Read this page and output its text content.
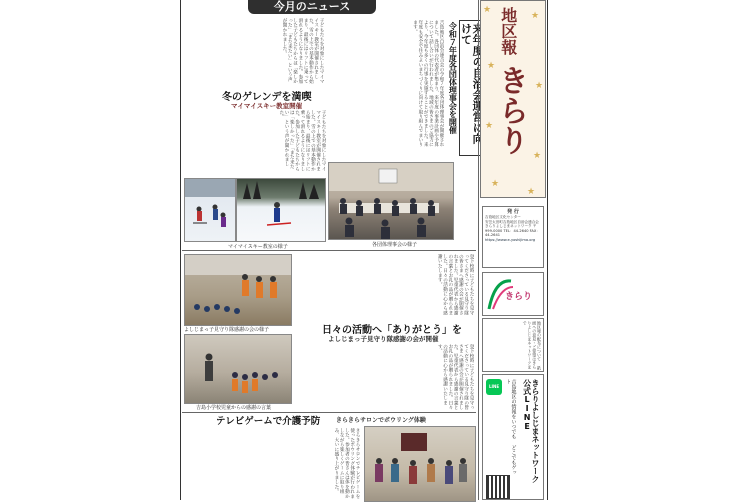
今月のニュース
けて
令和７年度各団体理事会を開催
吉島地区自治会連合会の令和７年度各団体理事会が開催されました。各団体の代表者が集まり、来年度の事業計画や予算について話し合いが行われました。地域の皆さまのご協力により、今年度も多くの行事を実施することができました。来年度も安全で住みよいまちづくりに向けて取り組んでまいります。
各団体理事会の様子
子どもたちを対象にしたマイマイスキー教室が開催されました。雪の上での基本動作から始まり、最後にはリフトに乗って滑れるようになりました。参加した子どもたちからは「楽しかった」「また来たい」という声が聞かれました。
冬のゲレンデを満喫
マイマイスキー教室開催
子どもたちを対象にしたマイマイスキー教室が開催されました。雪の上での基本動作から始まり、最後にはリフトに乗って滑れるようになりました。参加した子どもたちからは「楽しかった」「また来たい」という声が聞かれました。
マイマイスキー教室の様子
よしじまっ子見守り隊感謝の会の様子
吉島小学校児童からの感謝の言葉
登下校時に子どもたちを見守ってくださっている見守り隊の皆さまへ感謝の会が開催されました。児童代表から感謝の言葉とお礼の品が贈られました。日々の活動に心から感謝いたします。
日々の活動へ「ありがとう」を
よしじまっ子見守り隊感謝の会が開催
登下校時に子どもたちを見守ってくださっている見守り隊の皆さまへ感謝の会が開催されました。児童代表から感謝の言葉とお礼の品が贈られました。日々の活動に心から感謝いたします。
テレビゲームで介護予防	きらきらサロンでボウリング体験
きらきらサロンでテレビゲームを使ったボウリング体験が行われました。参加者の皆さんは体を動かしながら楽しくゲームに取り組み、大いに盛り上がりました。
★
★
★
★
★
★
★
★
地区報
きらり
発 行
吉島地区文化センター
安芸太田町吉島地区自治会連合会 きらりよしじまネットワーク 〒999-0000 TEL：44-2640 FAX：44-2641
https://www.e-yoshijima.org
きらり
地区報の配布について 紙面への意見・ご要望はきらりよしじまネットワークまで
LINE	きらりよしじまネットワーク 公式LINE
吉島地区の情報をいつでも どこでもゲット
